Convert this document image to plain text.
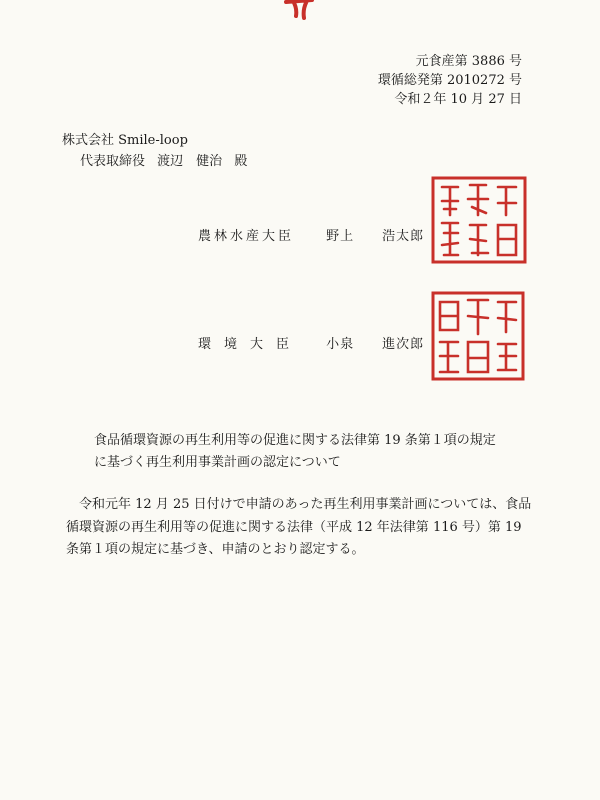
元食産第 3886 号
環循総発第 2010272 号
令和２年 10 月 27 日
株式会社 Smile-loop
代表取締役 渡辺　健治 殿
農林水産大臣 野上　　浩太郎
環境大臣 小泉　　進次郎
食品循環資源の再生利用等の促進に関する法律第 19 条第１項の規定
に基づく再生利用事業計画の認定について
令和元年 12 月 25 日付けで申請のあった再生利用事業計画については、食品循環資源の再生利用等の促進に関する法律（平成 12 年法律第 116 号）第 19 条第１項の規定に基づき、申請のとおり認定する。
